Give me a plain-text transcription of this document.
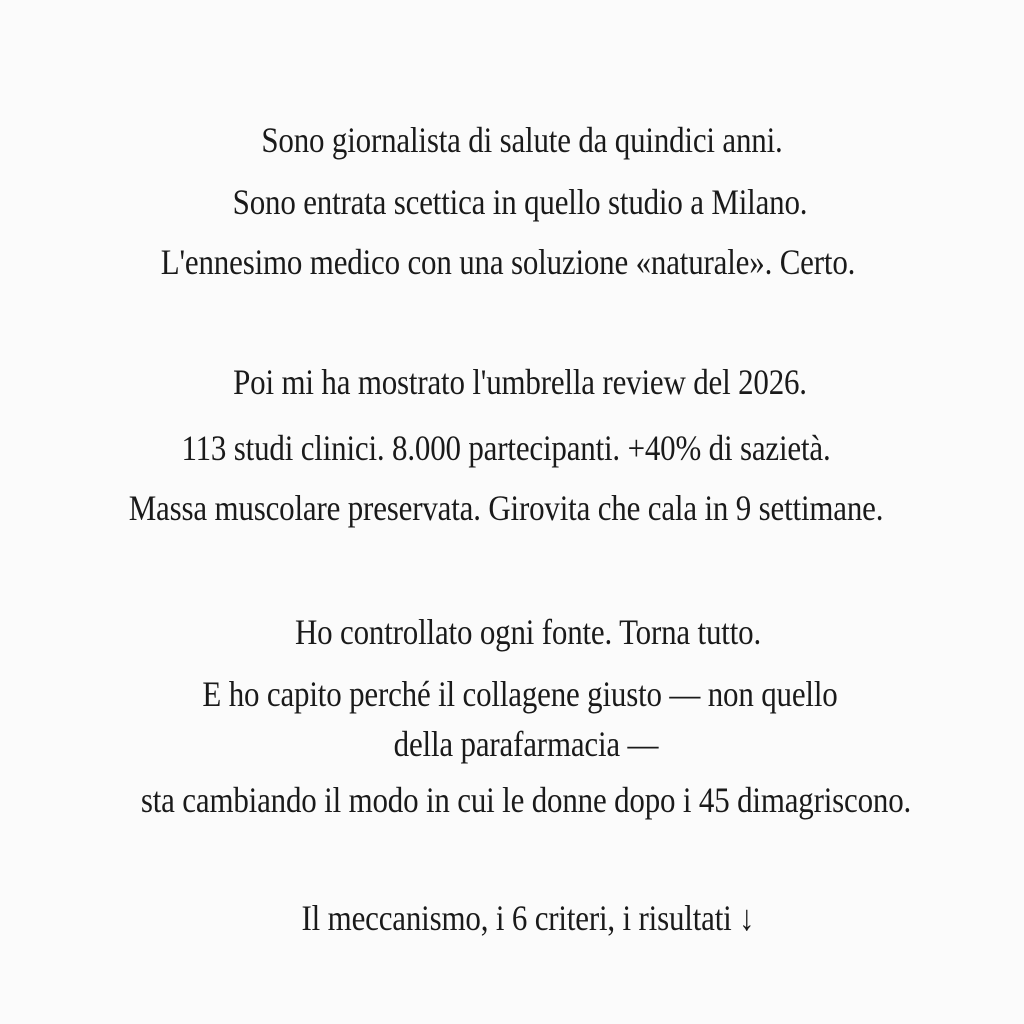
Sono giornalista di salute da quindici anni.
Sono entrata scettica in quello studio a Milano.
L'ennesimo medico con una soluzione «naturale». Certo.
Poi mi ha mostrato l'umbrella review del 2026.
113 studi clinici. 8.000 partecipanti. +40% di sazietà.
Massa muscolare preservata. Girovita che cala in 9 settimane.
Ho controllato ogni fonte. Torna tutto.
E ho capito perché il collagene giusto — non quello
della parafarmacia —
sta cambiando il modo in cui le donne dopo i 45 dimagriscono.
Il meccanismo, i 6 criteri, i risultati ↓
